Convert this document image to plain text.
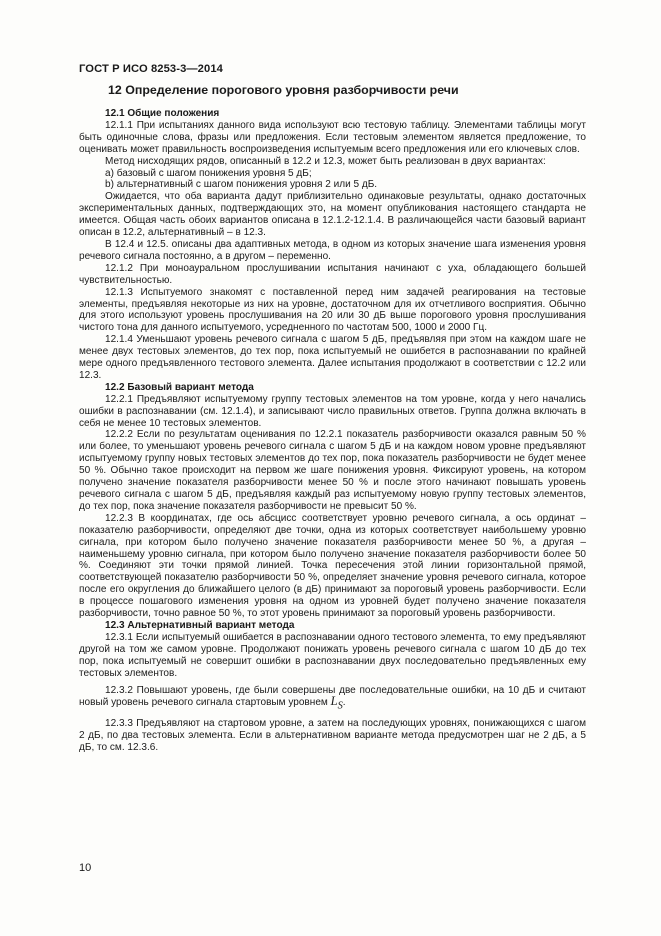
ГОСТ Р ИСО 8253-3—2014
12 Определение порогового уровня разборчивости речи

12.1 Общие положения

12.1.1 При испытаниях данного вида используют всю тестовую таблицу. Элементами таблицы могут быть одиночные слова, фразы или предложения. Если тестовым элементом является предложение, то оценивать может правильность воспроизведения испытуемым всего предложения или его ключевых слов.

Метод нисходящих рядов, описанный в 12.2 и 12.3, может быть реализован в двух вариантах:

а) базовый с шагом понижения уровня 5 дБ;

b) альтернативный с шагом понижения уровня 2 или 5 дБ.

Ожидается, что оба варианта дадут приблизительно одинаковые результаты, однако достаточных экспериментальных данных, подтверждающих это, на момент опубликования настоящего стандарта не имеется. Общая часть обоих вариантов описана в 12.1.2-12.1.4. В различающейся части базовый вариант описан в 12.2, альтернативный – в 12.3.

В 12.4 и 12.5. описаны два адаптивных метода, в одном из которых значение шага изменения уровня речевого сигнала постоянно, а в другом – переменно.

12.1.2 При моноауральном прослушивании испытания начинают с уха, обладающего большей чувствительностью.

12.1.3 Испытуемого знакомят с поставленной перед ним задачей реагирования на тестовые элементы, предъявляя некоторые из них на уровне, достаточном для их отчетливого восприятия. Обычно для этого используют уровень прослушивания на 20 или 30 дБ выше порогового уровня прослушивания чистого тона для данного испытуемого, усредненного по частотам 500, 1000 и 2000 Гц.

12.1.4 Уменьшают уровень речевого сигнала с шагом 5 дБ, предъявляя при этом на каждом шаге не менее двух тестовых элементов, до тех пор, пока испытуемый не ошибется в распознавании по крайней мере одного предъявленного тестового элемента. Далее испытания продолжают в соответствии с 12.2 или 12.3.

12.2 Базовый вариант метода

12.2.1 Предъявляют испытуемому группу тестовых элементов на том уровне, когда у него начались ошибки в распознавании (см. 12.1.4), и записывают число правильных ответов. Группа должна включать в себя не менее 10 тестовых элементов.

12.2.2 Если по результатам оценивания по 12.2.1 показатель разборчивости оказался равным 50 % или более, то уменьшают уровень речевого сигнала с шагом 5 дБ и на каждом новом уровне предъявляют испытуемому группу новых тестовых элементов до тех пор, пока показатель разборчивости не будет менее 50 %. Обычно такое происходит на первом же шаге понижения уровня. Фиксируют уровень, на котором получено значение показателя разборчивости менее 50 % и после этого начинают повышать уровень речевого сигнала с шагом 5 дБ, предъявляя каждый раз испытуемому новую группу тестовых элементов, до тех пор, пока значение показателя разборчивости не превысит 50 %.

12.2.3 В координатах, где ось абсцисс соответствует уровню речевого сигнала, а ось ординат – показателю разборчивости, определяют две точки, одна из которых соответствует наибольшему уровню сигнала, при котором было получено значение показателя разборчивости менее 50 %, а другая – наименьшему уровню сигнала, при котором было получено значение показателя разборчивости более 50 %. Соединяют эти точки прямой линией. Точка пересечения этой линии горизонтальной прямой, соответствующей показателю разборчивости 50 %, определяет значение уровня речевого сигнала, которое после его округления до ближайшего целого (в дБ) принимают за пороговый уровень разборчивости. Если в процессе пошагового изменения уровня на одном из уровней будет получено значение показателя разборчивости, точно равное 50 %, то этот уровень принимают за пороговый уровень разборчивости.

12.3 Альтернативный вариант метода

12.3.1 Если испытуемый ошибается в распознавании одного тестового элемента, то ему предъявляют другой на том же самом уровне. Продолжают понижать уровень речевого сигнала с шагом 10 дБ до тех пор, пока испытуемый не совершит ошибки в распознавании двух последовательно предъявленных ему тестовых элементов.

12.3.2 Повышают уровень, где были совершены две последовательные ошибки, на 10 дБ и считают новый уровень речевого сигнала стартовым уровнем $L_S$.

12.3.3 Предъявляют на стартовом уровне, а затем на последующих уровнях, понижающихся с шагом 2 дБ, по два тестовых элемента. Если в альтернативном варианте метода предусмотрен шаг не 2 дБ, а 5 дБ, то см. 12.3.6.

10
